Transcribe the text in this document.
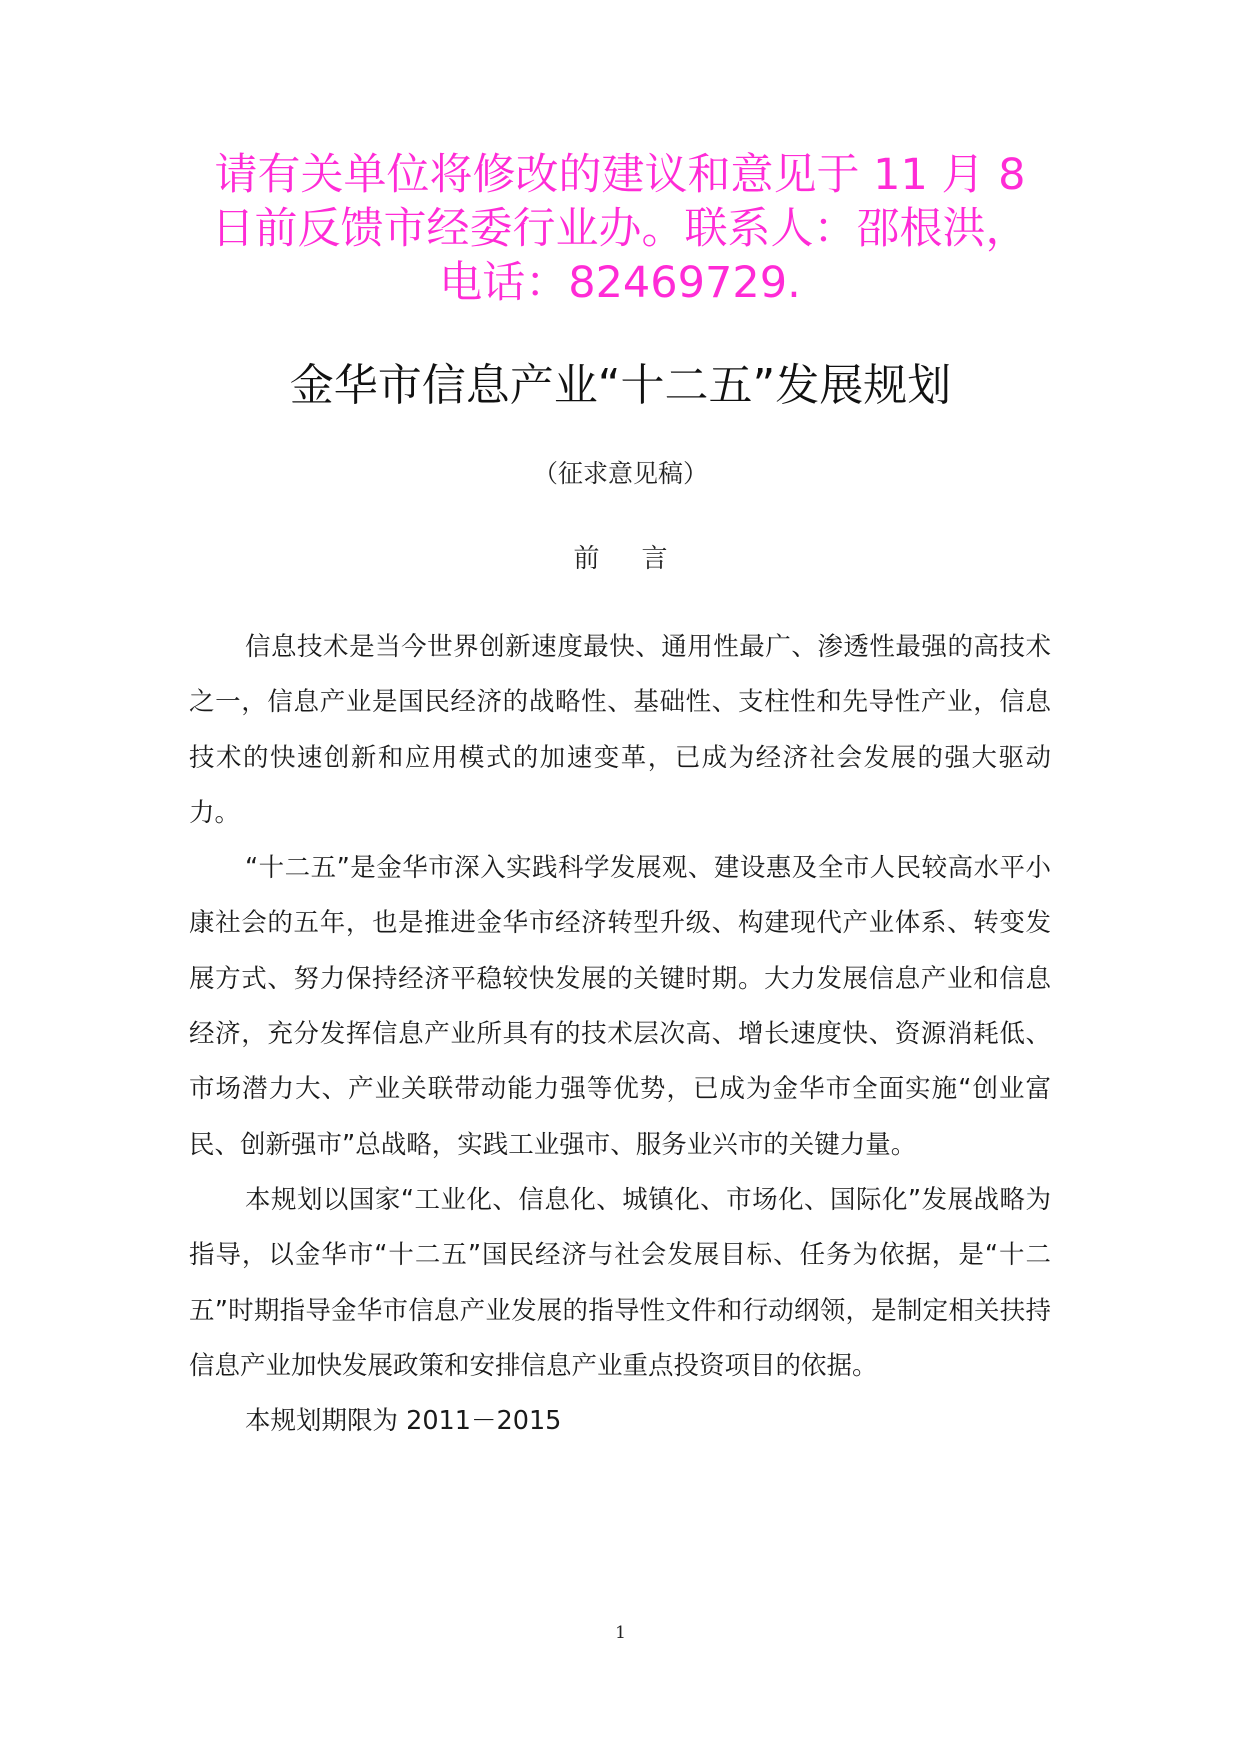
请有关单位将修改的建议和意见于 11 月 8
日前反馈市经委行业办。联系人：邵根洪，
电话：82469729.
金华市信息产业“十二五”发展规划
（征求意见稿）
前言

信息技术是当今世界创新速度最快、通用性最广、渗透性最强的高技术之一，信息产业是国民经济的战略性、基础性、支柱性和先导性产业，信息技术的快速创新和应用模式的加速变革，已成为经济社会发展的强大驱动力。

“十二五”是金华市深入实践科学发展观、建设惠及全市人民较高水平小康社会的五年，也是推进金华市经济转型升级、构建现代产业体系、转变发展方式、努力保持经济平稳较快发展的关键时期。大力发展信息产业和信息经济，充分发挥信息产业所具有的技术层次高、增长速度快、资源消耗低、市场潜力大、产业关联带动能力强等优势，已成为金华市全面实施“创业富民、创新强市”总战略，实践工业强市、服务业兴市的关键力量。

本规划以国家“工业化、信息化、城镇化、市场化、国际化”发展战略为指导，以金华市“十二五”国民经济与社会发展目标、任务为依据，是“十二五”时期指导金华市信息产业发展的指导性文件和行动纲领，是制定相关扶持信息产业加快发展政策和安排信息产业重点投资项目的依据。

本规划期限为 2011－2015

1
